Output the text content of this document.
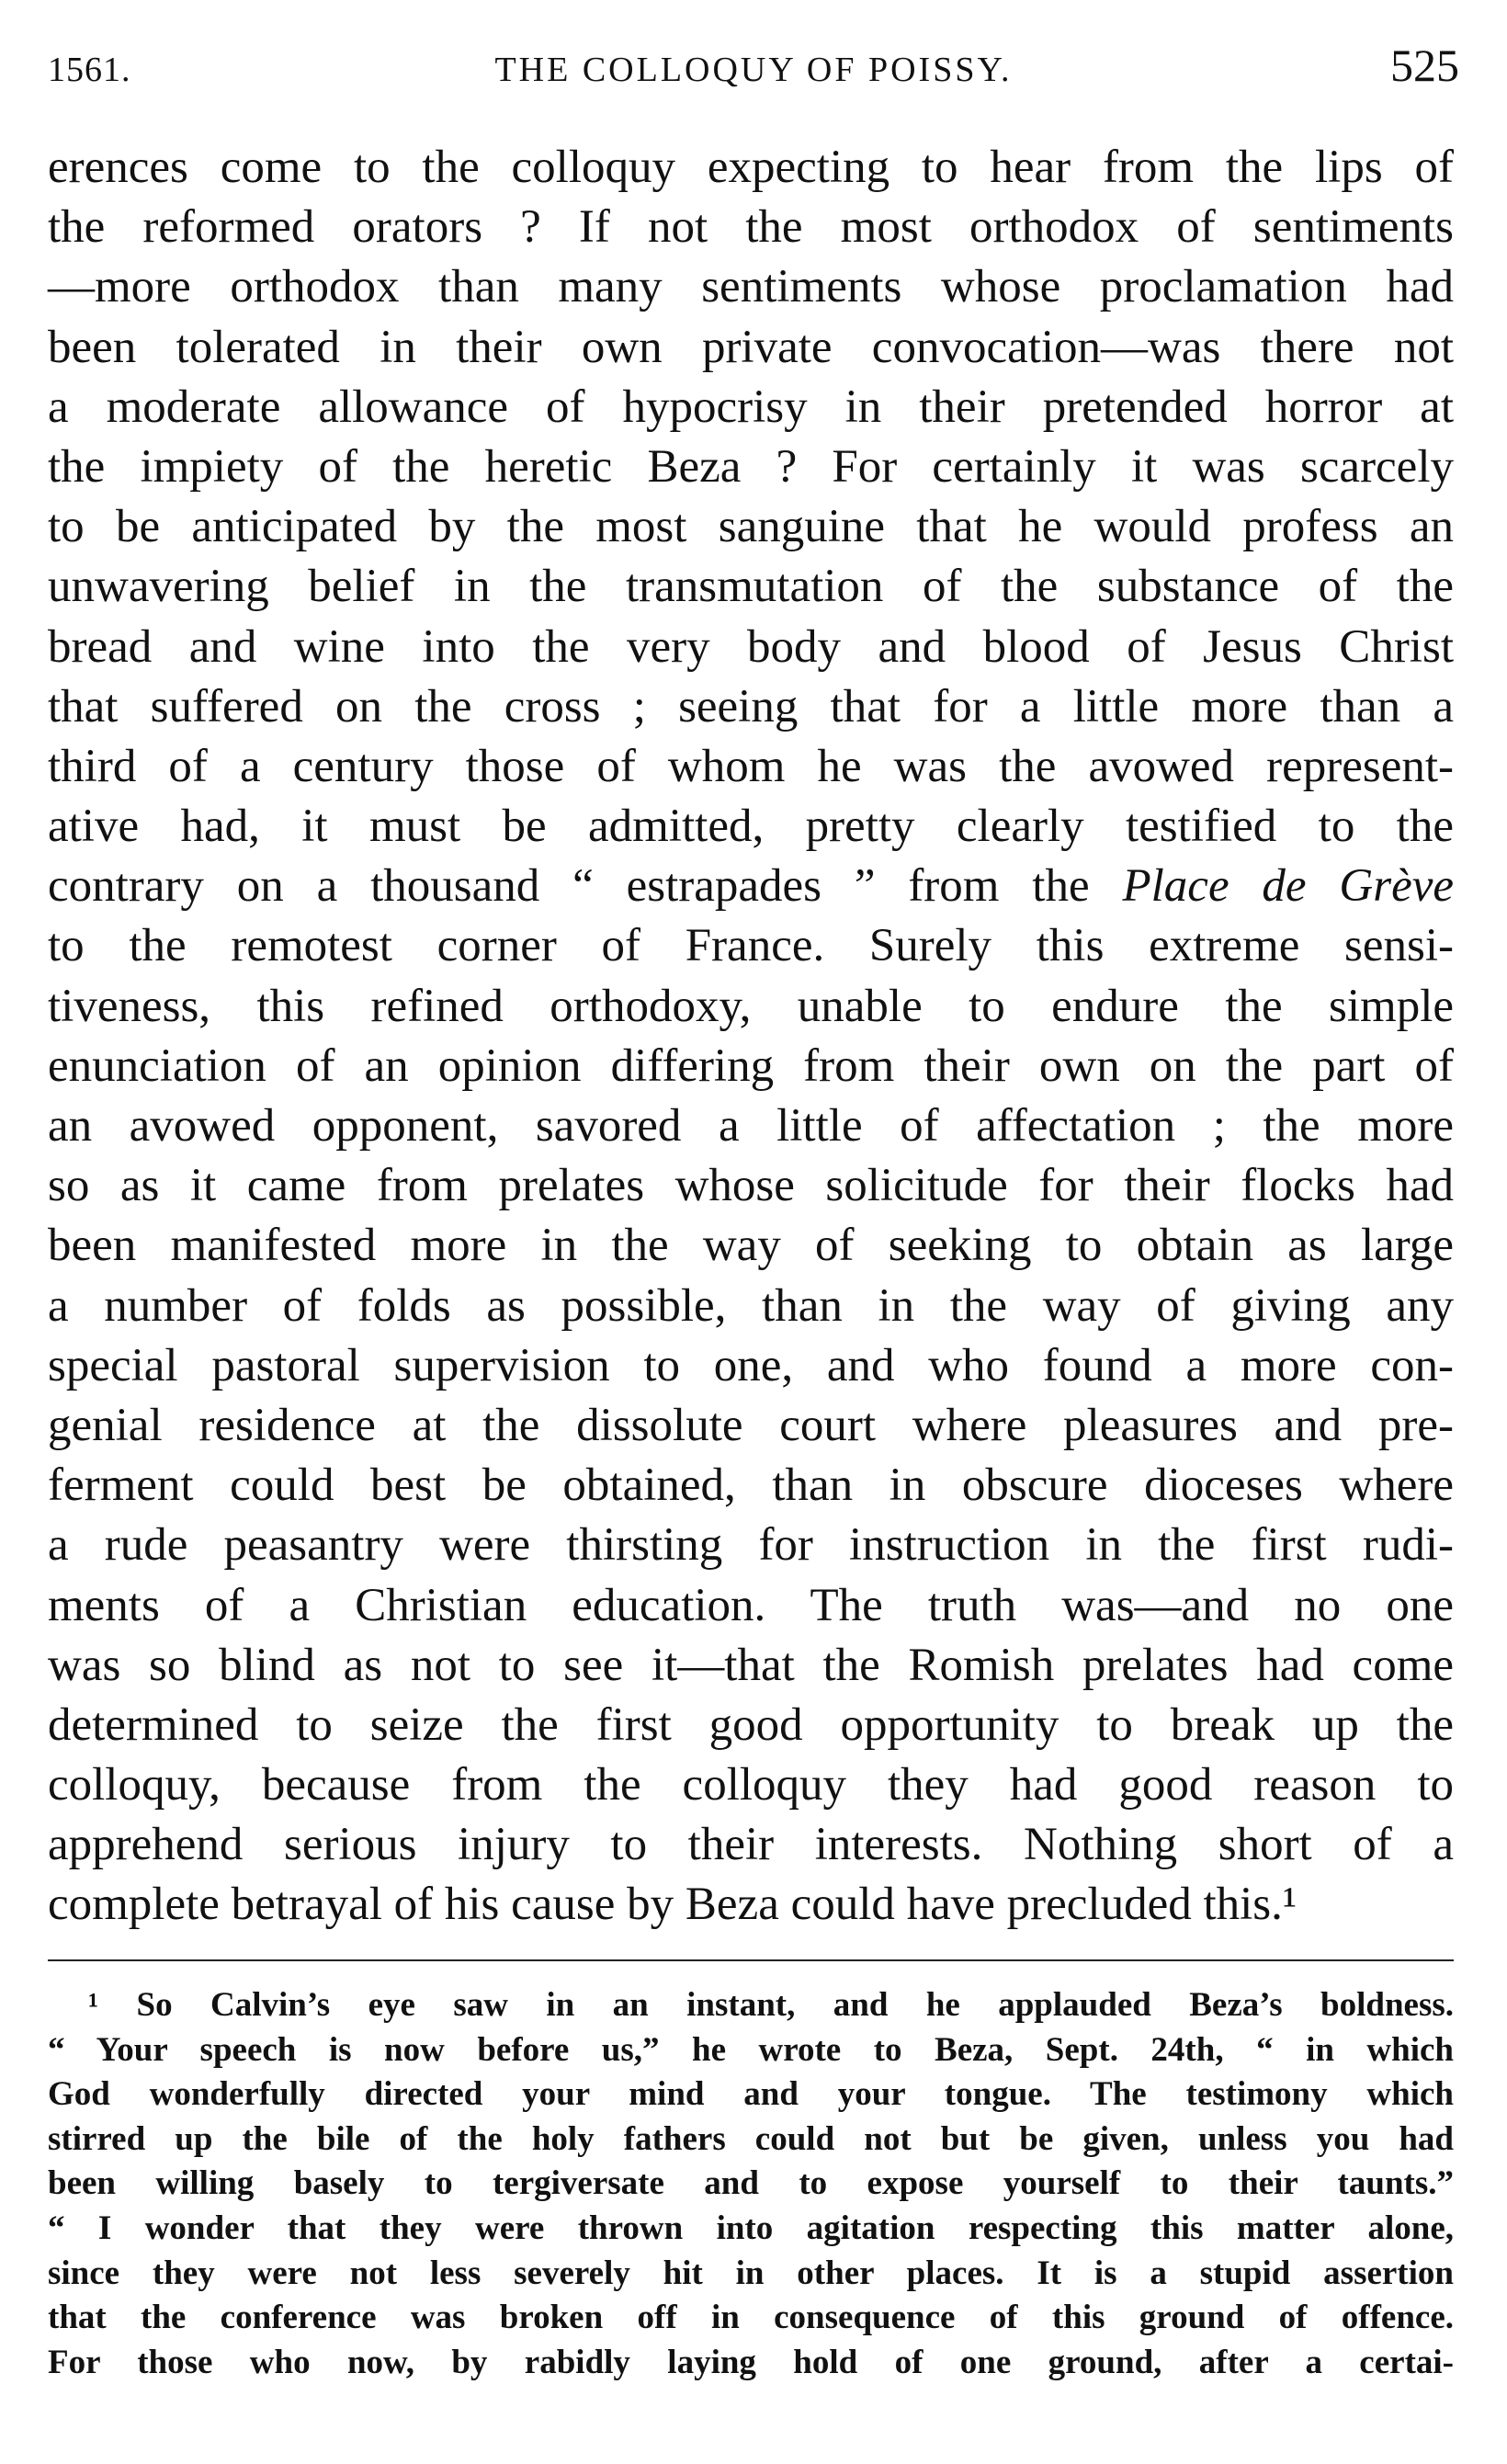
1561.	THE COLLOQUY OF POISSY.	525
erences come to the colloquy expecting to hear from the lips of
the reformed orators ? If not the most orthodox of sentiments
—more orthodox than many sentiments whose proclamation had
been tolerated in their own private convocation—was there not
a moderate allowance of hypocrisy in their pretended horror at
the impiety of the heretic Beza ? For certainly it was scarcely
to be anticipated by the most sanguine that he would profess an
unwavering belief in the transmutation of the substance of the
bread and wine into the very body and blood of Jesus Christ
that suffered on the cross ; seeing that for a little more than a
third of a century those of whom he was the avowed represent-
ative had, it must be admitted, pretty clearly testified to the
contrary on a thousand “ estrapades ” from the Place de Grève
to the remotest corner of France. Surely this extreme sensi-
tiveness, this refined orthodoxy, unable to endure the simple
enunciation of an opinion differing from their own on the part of
an avowed opponent, savored a little of affectation ; the more
so as it came from prelates whose solicitude for their flocks had
been manifested more in the way of seeking to obtain as large
a number of folds as possible, than in the way of giving any
special pastoral supervision to one, and who found a more con-
genial residence at the dissolute court where pleasures and pre-
ferment could best be obtained, than in obscure dioceses where
a rude peasantry were thirsting for instruction in the first rudi-
ments of a Christian education. The truth was—and no one
was so blind as not to see it—that the Romish prelates had come
determined to seize the first good opportunity to break up the
colloquy, because from the colloquy they had good reason to
apprehend serious injury to their interests. Nothing short of a
complete betrayal of his cause by Beza could have precluded this.¹
¹ So Calvin’s eye saw in an instant, and he applauded Beza’s boldness.
“ Your speech is now before us,” he wrote to Beza, Sept. 24th, “ in which
God wonderfully directed your mind and your tongue. The testimony which
stirred up the bile of the holy fathers could not but be given, unless you had
been willing basely to tergiversate and to expose yourself to their taunts.”
“ I wonder that they were thrown into agitation respecting this matter alone,
since they were not less severely hit in other places. It is a stupid assertion
that the conference was broken off in consequence of this ground of offence.
For those who now, by rabidly laying hold of one ground, after a certai-
